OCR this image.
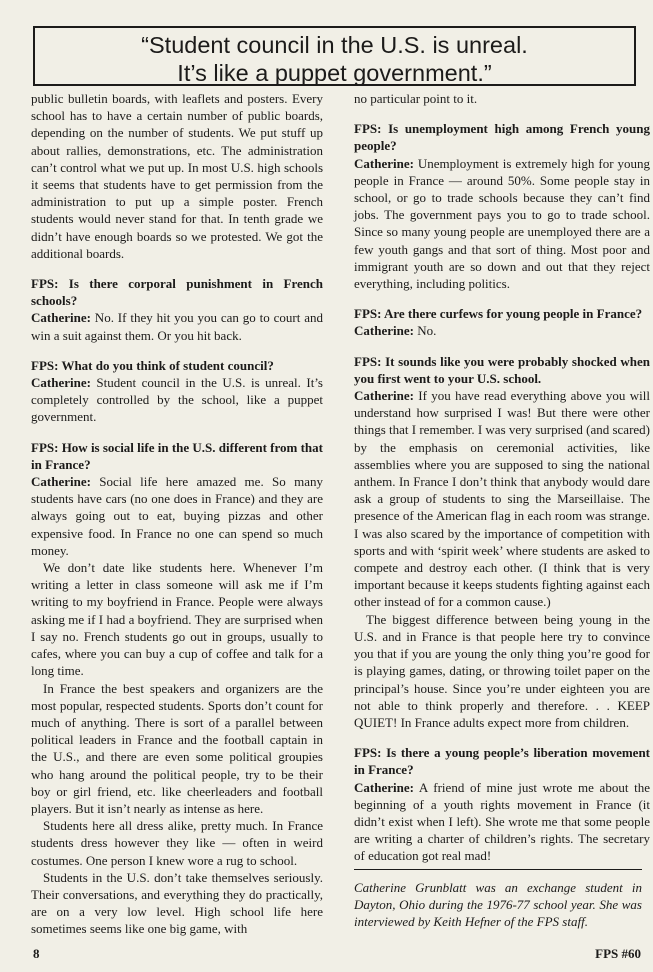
“Student council in the U.S. is unreal.
It’s like a puppet government.”

public bulletin boards, with leaflets and posters. Every school has to have a certain number of public boards, depending on the number of students. We put stuff up about rallies, demonstrations, etc. The administration can’t control what we put up. In most U.S. high schools it seems that students have to get permission from the administration to put up a simple poster. French students would never stand for that. In tenth grade we didn’t have enough boards so we protested. We got the additional boards.

FPS: Is there corporal punishment in French schools?

Catherine: No. If they hit you you can go to court and win a suit against them. Or you hit back.

FPS: What do you think of student council?

Catherine: Student council in the U.S. is unreal. It’s completely controlled by the school, like a puppet government.

FPS: How is social life in the U.S. different from that in France?

Catherine: Social life here amazed me. So many students have cars (no one does in France) and they are always going out to eat, buying pizzas and other expensive food. In France no one can spend so much money.

We don’t date like students here. Whenever I’m writing a letter in class someone will ask me if I’m writing to my boyfriend in France. People were always asking me if I had a boyfriend. They are surprised when I say no. French students go out in groups, usually to cafes, where you can buy a cup of coffee and talk for a long time.

In France the best speakers and organizers are the most popular, respected students. Sports don’t count for much of anything. There is sort of a parallel between political leaders in France and the football captain in the U.S., and there are even some political groupies who hang around the political people, try to be their boy or girl friend, etc. like cheerleaders and football players. But it isn’t nearly as intense as here.

Students here all dress alike, pretty much. In France students dress however they like — often in weird costumes. One person I knew wore a rug to school.

Students in the U.S. don’t take themselves seriously. Their conversations, and everything they do practically, are on a very low level. High school life here sometimes seems like one big game, with

no particular point to it.

FPS: Is unemployment high among French young people?

Catherine: Unemployment is extremely high for young people in France — around 50%. Some people stay in school, or go to trade schools because they can’t find jobs. The government pays you to go to trade school. Since so many young people are unemployed there are a few youth gangs and that sort of thing. Most poor and immigrant youth are so down and out that they reject everything, including politics.

FPS: Are there curfews for young people in France?

Catherine: No.

FPS: It sounds like you were probably shocked when you first went to your U.S. school.

Catherine: If you have read everything above you will understand how surprised I was! But there were other things that I remember. I was very surprised (and scared) by the emphasis on ceremonial activities, like assemblies where you are supposed to sing the national anthem. In France I don’t think that anybody would dare ask a group of students to sing the Marseillaise. The presence of the American flag in each room was strange. I was also scared by the importance of competition with sports and with ‘spirit week’ where students are asked to compete and destroy each other. (I think that is very important because it keeps students fighting against each other instead of for a common cause.)

The biggest difference between being young in the U.S. and in France is that people here try to convince you that if you are young the only thing you’re good for is playing games, dating, or throwing toilet paper on the principal’s house. Since you’re under eighteen you are not able to think properly and therefore. . . KEEP QUIET! In France adults expect more from children.

FPS: Is there a young people’s liberation movement in France?

Catherine: A friend of mine just wrote me about the beginning of a youth rights movement in France (it didn’t exist when I left). She wrote me that some people are writing a charter of children’s rights. The secretary of education got real mad!

Catherine Grunblatt was an exchange student in Dayton, Ohio during the 1976-77 school year. She was interviewed by Keith Hefner of the FPS staff.

8	FPS #60
